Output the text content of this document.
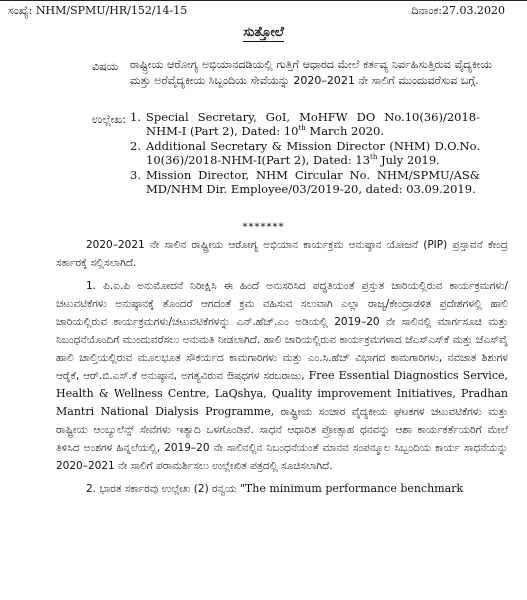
ಸಂಖ್ಯೆ: NHM/SPMU/HR/152/14-15	ದಿನಾಂಕ:27.03.2020
ಸುತ್ತೋಲೆ
ವಿಷಯ ರಾಷ್ಟ್ರೀಯ ಆರೋಗ್ಯ ಅಭಿಯಾನದಡಿಯಲ್ಲಿ ಗುತ್ತಿಗೆ ಆಧಾರದ ಮೇಲೆ ಕರ್ತವ್ಯ ನಿರ್ವಹಿಸುತ್ತಿರುವ ವೈದ್ಯಕೀಯ ಮತ್ತು ಅರೆವೈದ್ಯಕೀಯ ಸಿಬ್ಬಂದಿಯ ಸೇವೆಯನ್ನು 2020–2021 ನೇ ಸಾಲಿಗೆ ಮುಂದುವರೆಸುವ ಬಗ್ಗೆ.
ಉಲ್ಲೇಖ: 1. Special Secretary, GoI, MoHFW DO No.10(36)/2018-NHM-I (Part 2), Dated: 10th March 2020.
2. Additional Secretary & Mission Director (NHM) D.O.No. 10(36)/2018-NHM-I(Part 2), Dated: 13th July 2019.
3. Mission Director, NHM Circular No. NHM/SPMU/AS& MD/NHM Dir. Employee/03/2019-20, dated: 03.09.2019.
*******

2020–2021 ನೇ ಸಾಲಿನ ರಾಷ್ಟ್ರೀಯ ಆರೋಗ್ಯ ಅಭಿಯಾನ ಕಾರ್ಯಕ್ರಮ ಅನುಷ್ಠಾನ ಯೋಜನೆ (PIP) ಪ್ರಸ್ತಾವನೆ ಕೇಂದ್ರ ಸರ್ಕಾರಕ್ಕೆ ಸಲ್ಲಿಸಲಾಗಿದೆ.

1. ಪಿ.ಐ.ಪಿ ಅನುಮೋದನೆ ನಿರೀಕ್ಷಿಸಿ ಈ ಹಿಂದೆ ಅನುಸರಿಸಿದ ಪದ್ಧತಿಯಂತೆ ಪ್ರಸ್ತುತ ಜಾರಿಯಲ್ಲಿರುವ ಕಾರ್ಯಕ್ರಮಗಳು/ಚಟುವಟಿಕೆಗಳು ಅನುಷ್ಠಾನಕ್ಕೆ ತೊಂದರೆ ಆಗದಂತೆ ಕ್ರಮ ವಹಿಸುವ ಸಲುವಾಗಿ ಎಲ್ಲಾ ರಾಜ್ಯ/ಕೇಂದ್ರಾಡಳಿತ ಪ್ರದೇಶಗಳಲ್ಲಿ ಹಾಲಿ ಜಾರಿಯಲ್ಲಿರುವ ಕಾರ್ಯಕ್ರಮಗಳು/ಚಟುವಟಿಕೆಗಳನ್ನು ಎನ್.ಹೆಚ್.ಎಂ ಅಡಿಯಲ್ಲಿ 2019–20 ನೇ ಸಾಲಿನಲ್ಲಿ ಮಾರ್ಗಸೂಚಿ ಮತ್ತು ನಿಬಂಧನೆಯೊಂದಿಗೆ ಮುಂದುವರೆಸಲು ಅನುಮತಿ ನೀಡಲಾಗಿದೆ. ಹಾಲಿ ಜಾರಿಯಲ್ಲಿರುವ ಕಾರ್ಯಕ್ರಮಗಳಾದ ಜೆಎಸ್‌ಎಸ್‌ಕೆ ಮತ್ತು ಜೆಎಸ್‌ವೈ ಹಾಲಿ ಚಾಲ್ತಿಯಲ್ಲಿರುವ ಮೂಲಭೂತ ಸೌಕರ್ಯದ ಕಾಮಗಾರಿಗಳು ಮತ್ತು ಎಂ.ಸಿ.ಹೆಚ್ ವಿಭಾಗದ ಕಾಮಗಾರಿಗಳು, ನವಜಾತ ಶಿಶುಗಳ ಆರೈಕೆ, ಆರ್.ಬಿ.ಎಸ್.ಕೆ ಅನುಷ್ಠಾನ, ಅಗತ್ಯವಿರುವ ಔಷಧಗಳ ಸರಬರಾಜು, Free Essential Diagnostics Service, Health & Wellness Centre, LaQshya, Quality improvement Initiatives, Pradhan Mantri National Dialysis Programme, ರಾಷ್ಟ್ರೀಯ ಸಂಚಾರ ವೈದ್ಯಕೀಯ ಘಟಕಗಳ ಚಟುವಟಿಕೆಗಳು ಮತ್ತು ರಾಷ್ಟ್ರೀಯ ಆಂಬ್ಯುಲೆನ್ಸ್ ಸೇವೆಗಳು ಇತ್ಯಾದಿ ಒಳಗೊಂಡಿವೆ. ಸಾಧನೆ ಆಧಾರಿತ ಪ್ರೋತ್ಸಾಹ ಧನವನ್ನು ಆಶಾ ಕಾರ್ಯಕರ್ತೆಯರಿಗೆ ಮೇಲೆ ತಿಳಿಸಿದ ಅಂಶಗಳ ಹಿನ್ನಲೆಯಲ್ಲಿ, 2019–20 ನೇ ಸಾಲಿನಲ್ಲಿನ ನಿಬಂಧನೆಯಂತೆ ಮಾನವ ಸಂಪನ್ಮೂಲ ಸಿಬ್ಬಂದಿಯ ಕಾರ್ಯ ಸಾಧನೆಯನ್ನು 2020–2021 ನೇ ಸಾಲಿಗೆ ಪರಾಮರ್ಶಿಸಲು ಉಲ್ಲೇಖಿತ ಪತ್ರದಲ್ಲಿ ಸೂಚಿಸಲಾಗಿದೆ.

2. ಭಾರತ ಸರ್ಕಾರವು ಉಲ್ಲೇಖ (2) ರನ್ವಯ "The minimum performance benchmark
